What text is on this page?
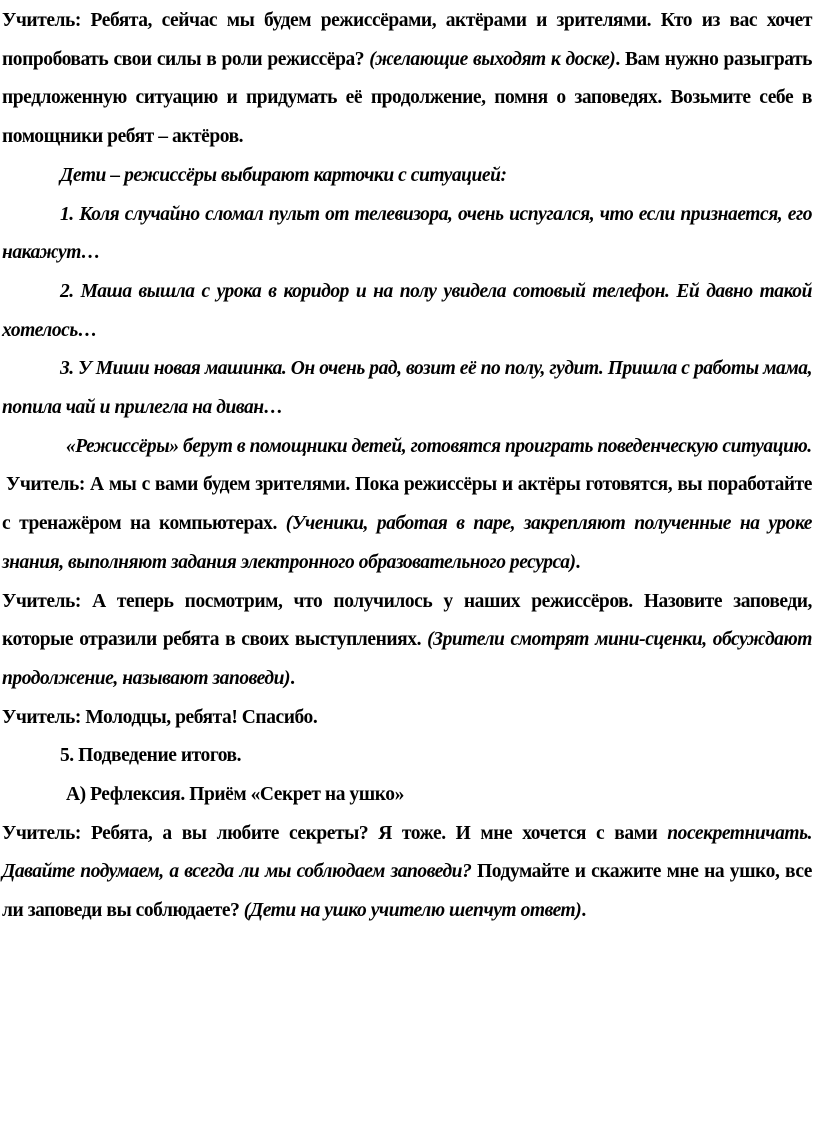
Учитель: Ребята, сейчас мы будем режиссёрами, актёрами и зрителями. Кто из вас хочет попробовать свои силы в роли режиссёра? (желающие выходят к доске). Вам нужно разыграть предложенную ситуацию и придумать её продолжение, помня о заповедях. Возьмите себе в помощники ребят – актёров.

Дети – режиссёры выбирают карточки с ситуацией:

1. Коля случайно сломал пульт от телевизора, очень испугался, что если признается, его накажут…

2. Маша вышла с урока в коридор и на полу увидела сотовый телефон. Ей давно такой хотелось…

3. У Миши новая машинка. Он очень рад, возит её по полу, гудит. Пришла с работы мама, попила чай и прилегла на диван…

«Режиссёры» берут в помощники детей, готовятся проиграть поведенческую ситуацию.

Учитель: А мы с вами будем зрителями. Пока режиссёры и актёры готовятся, вы поработайте с тренажёром на компьютерах. (Ученики, работая в паре, закрепляют полученные на уроке знания, выполняют задания электронного образовательного ресурса).

Учитель: А теперь посмотрим, что получилось у наших режиссёров. Назовите заповеди, которые отразили ребята в своих выступлениях. (Зрители смотрят мини-сценки, обсуждают продолжение, называют заповеди).

Учитель: Молодцы, ребята! Спасибо.

5. Подведение итогов.

А) Рефлексия. Приём «Секрет на ушко»

Учитель: Ребята, а вы любите секреты? Я тоже. И мне хочется с вами посекретничать. Давайте подумаем, а всегда ли мы соблюдаем заповеди? Подумайте и скажите мне на ушко, все ли заповеди вы соблюдаете? (Дети на ушко учителю шепчут ответ).
